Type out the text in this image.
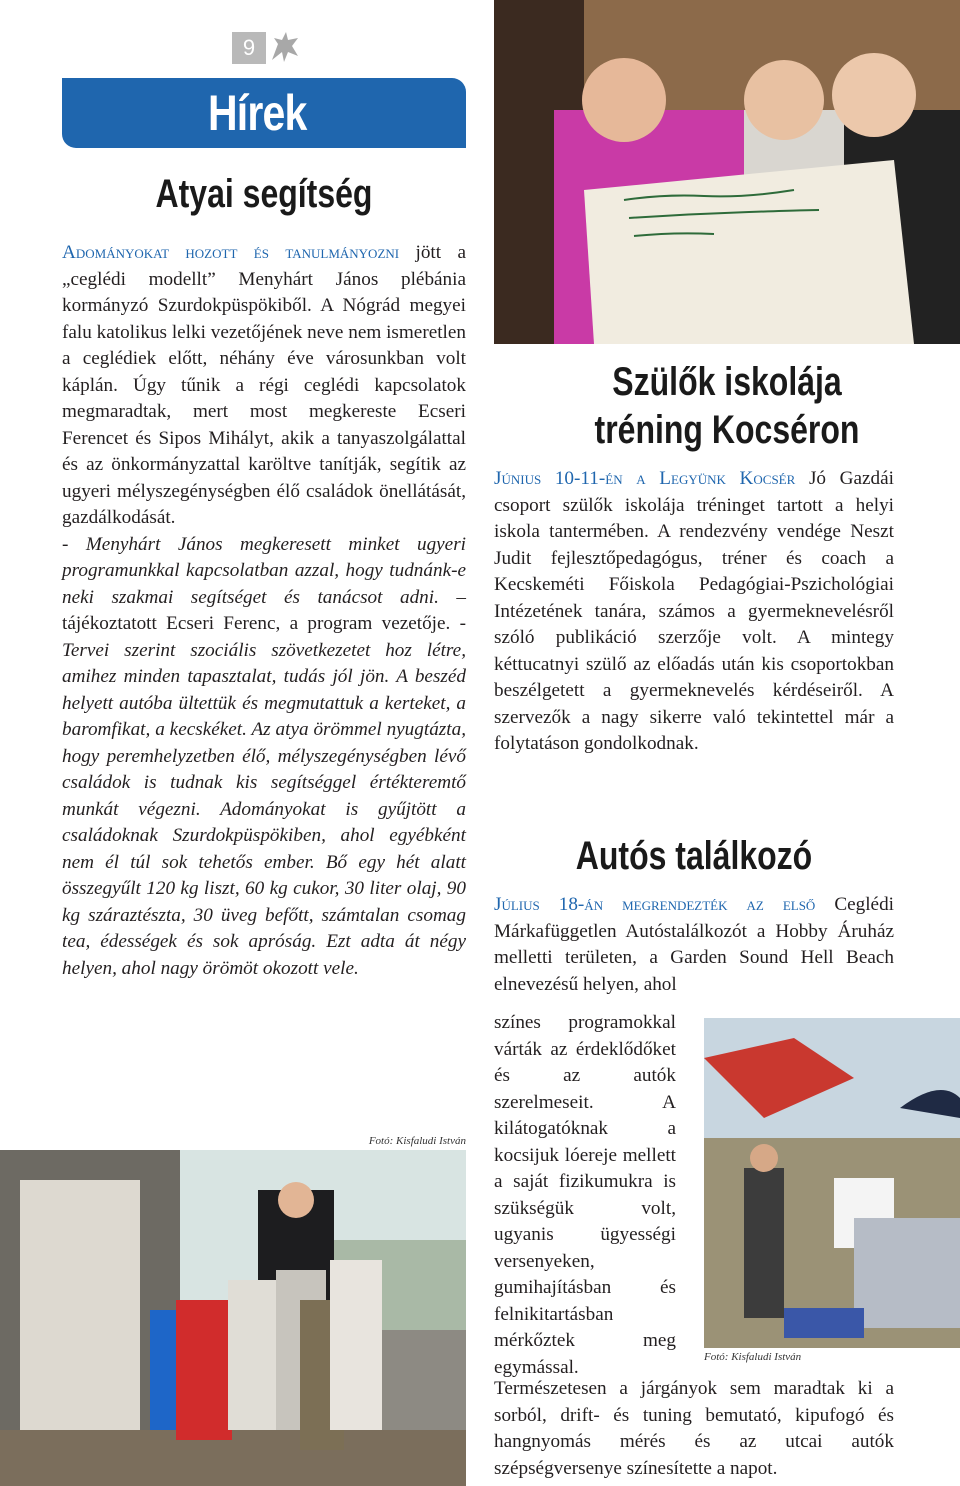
9
Hírek
Atyai segítség

Adományokat hozott és tanulmányozni jött a „ceglédi modellt” Menyhárt János plébánia kormányzó Szurdokpüspökiből. A Nógrád megyei falu katolikus lelki vezetőjének neve nem ismeretlen a ceglédiek előtt, néhány éve városunkban volt káplán. Úgy tűnik a régi ceglédi kapcsolatok megmaradtak, mert most megkereste Ecseri Ferencet és Sipos Mihályt, akik a tanyaszolgálattal és az önkormányzattal karöltve tanítják, segítik az ugyeri mélyszegénységben élő családok önellátását, gazdálkodását.

- Menyhárt János megkeresett minket ugyeri programunkkal kapcsolatban azzal, hogy tudnánk-e neki szakmai segítséget és tanácsot adni. – tájékoztatott Ecseri Ferenc, a program vezetője. - Tervei szerint szociális szövetkezetet hoz létre, amihez minden tapasztalat, tudás jól jön. A beszéd helyett autóba ültettük és megmutattuk a kerteket, a baromfikat, a kecskéket. Az atya örömmel nyugtázta, hogy peremhelyzetben élő, mélyszegénységben lévő családok is tudnak kis segítséggel értékteremtő munkát végezni. Adományokat is gyűjtött a családoknak Szurdokpüspökiben, ahol egyébként nem él túl sok tehetős ember. Bő egy hét alatt összegyűlt 120 kg liszt, 60 kg cukor, 30 liter olaj, 90 kg száraztészta, 30 üveg befőtt, számtalan csomag tea, édességek és sok apróság. Ezt adta át négy helyen, ahol nagy örömöt okozott vele.

Fotó: Kisfaludi István
Szülők iskolája
tréning Kocséron

Június 10-11-én a Legyünk Kocsér Jó Gazdái csoport szülők iskolája tréninget tartott a helyi iskola tantermében. A rendezvény vendége Neszt Judit fejlesztőpedagógus, tréner és coach a Kecskeméti Főiskola Pedagógiai-Pszichológiai Intézetének tanára, számos a gyermeknevelésről szóló publikáció szerzője volt. A mintegy kéttucatnyi szülő az előadás után kis csoportokban beszélgetett a gyermeknevelés kérdéseiről. A szervezők a nagy sikerre való tekintettel már a folytatáson gondolkodnak.

Autós találkozó

Július 18-án megrendezték az első Ceglédi Márkafüggetlen Autóstalálkozót a Hobby Áruház melletti területen, a Garden Sound Hell Beach elnevezésű helyen, ahol

színes programokkal várták az érdeklődőket és az autók szerelmeseit. A kilátogatóknak a kocsijuk lóereje mellett a saját fizikumukra is szükségük volt, ugyanis ügyességi versenyeken, gumihajításban és felnikitartásban mérkőztek meg egymással.	Fotó: Kisfaludi István

Természetesen a járgányok sem maradtak ki a sorból, drift- és tuning bemutató, kipufogó és hangnyomás mérés és az utcai autók szépségversenye színesítette a napot.
